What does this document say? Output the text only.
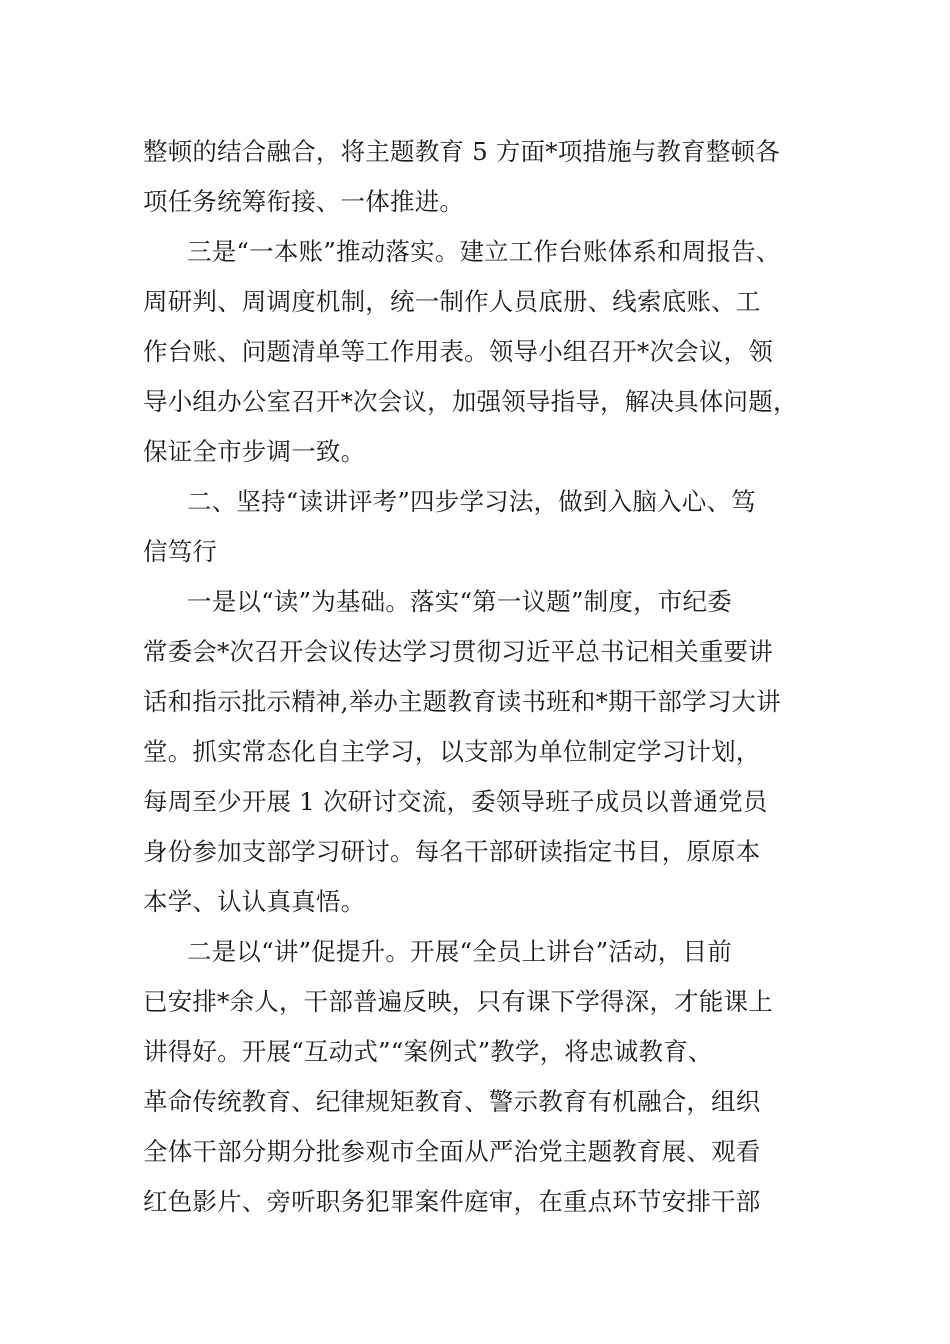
整顿的结合融合，将主题教育 5 方面*项措施与教育整顿各
项任务统筹衔接、一体推进。
三是“一本账”推动落实。建立工作台账体系和周报告、
周研判、周调度机制，统一制作人员底册、线索底账、工
作台账、问题清单等工作用表。领导小组召开*次会议，领
导小组办公室召开*次会议，加强领导指导，解决具体问题，
保证全市步调一致。
二、坚持“读讲评考”四步学习法，做到入脑入心、笃
信笃行
一是以“读”为基础。落实“第一议题”制度，市纪委
常委会*次召开会议传达学习贯彻习近平总书记相关重要讲
话和指示批示精神,举办主题教育读书班和*期干部学习大讲
堂。抓实常态化自主学习，以支部为单位制定学习计划，
每周至少开展 1 次研讨交流，委领导班子成员以普通党员
身份参加支部学习研讨。每名干部研读指定书目，原原本
本学、认认真真悟。
二是以“讲”促提升。开展“全员上讲台”活动，目前
已安排*余人，干部普遍反映，只有课下学得深，才能课上
讲得好。开展“互动式”“案例式”教学，将忠诚教育、
革命传统教育、纪律规矩教育、警示教育有机融合，组织
全体干部分期分批参观市全面从严治党主题教育展、观看
红色影片、旁听职务犯罪案件庭审，在重点环节安排干部
